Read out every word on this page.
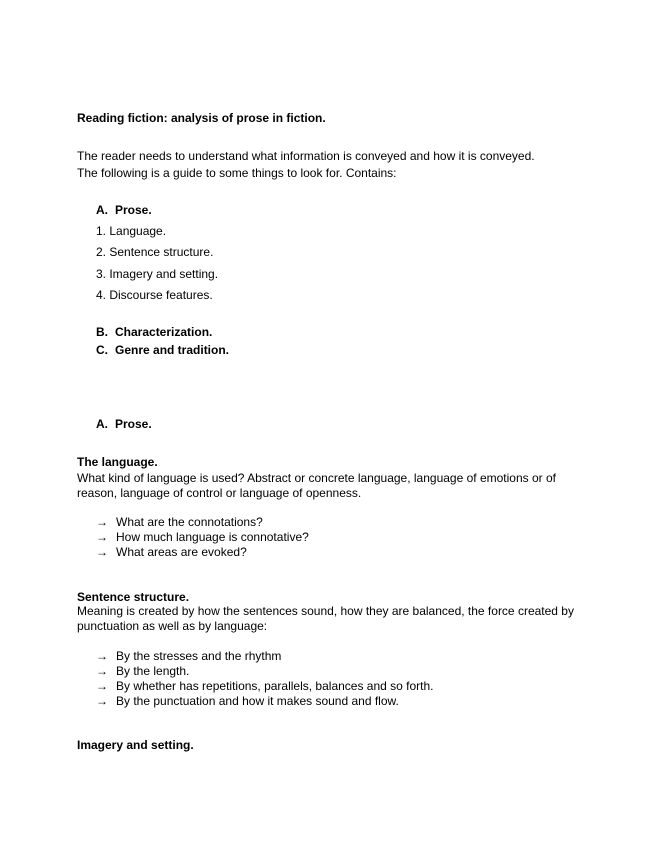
Reading fiction: analysis of prose in fiction.
The reader needs to understand what information is conveyed and how it is conveyed.
The following is a guide to some things to look for. Contains:
A. Prose.
1. Language.
2. Sentence structure.
3. Imagery and setting.
4. Discourse features.
B. Characterization.
C. Genre and tradition.
A. Prose.
The language.
What kind of language is used? Abstract or concrete language, language of emotions or of reason, language of control or language of openness.
→ What are the connotations?
→ How much language is connotative?
→ What areas are evoked?
Sentence structure.
Meaning is created by how the sentences sound, how they are balanced, the force created by punctuation as well as by language:
→ By the stresses and the rhythm
→ By the length.
→ By whether has repetitions, parallels, balances and so forth.
→ By the punctuation and how it makes sound and flow.
Imagery and setting.
